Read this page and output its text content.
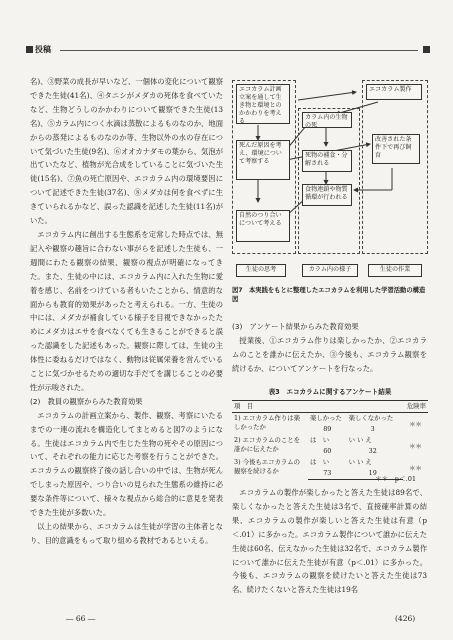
投稿

名)、③野菜の成長が早いなど、一個体の変化について観察できた生徒(41名)、④タニシがメダカの死体を食べていたなど、生物どうしのかかわりについて観察できた生徒(13名)、⑤カラム内につく水滴は蒸散によるものなのか、地面からの蒸発によるものなのか等、生物以外の水の存在について気づいた生徒(9名)、⑥オオカナダモの葉から、気泡が出ていたなど、植物が光合成をしていることに気づいた生徒(15名)、⑦魚の死亡原因や、エコカラム内の環境要因について記述できた生徒(37名)、⑧メダカは何を食べずに生きていられるかなど、誤った認識を記述した生徒(11名)がいた。

エコカラム内に創出する生態系を定常した時点では、無記入や観察の趣旨に合わない事がらを記述した生徒も、一週間にわたる観察の結果、観察の視点が明確になってきた。また、生徒の中には、エコカラム内に入れた生物に愛着を感じ、名前をつけている者もいたことから、情意的な面からも教育的効果があったと考えられる。一方、生徒の中には、メダカが補食している様子を目視できなかったためにメダカはエサを食べなくても生きることができると誤った認識をした記述もあった。観察に際しては、生徒の主体性に委ねるだけではなく、動物は従属栄養を営んでいることに気づかせるための適切な手だてを講じることの必要性が示唆された。

(2)　教員の観察からみた教育効果

エコカラムの計画立案から、製作、観察、考察にいたるまでの一連の流れを構造化してまとめると図7のようになる。生徒はエコカラム内で生じた生物の死やその原因について、それぞれの能力に応じた考察を行うことができた。エコカラムの観察終了後の話し合いの中では、生物が死んでしまった原因や、つり合いの見られた生態系の維持に必要な条件等について、様々な視点から総合的に意見を発表できた生徒が多数いた。

以上の結果から、エコカラムは生徒が学習の主体者となり、目的意識をもって取り組める教材であるといえる。

エコカラム計画立案を通して生き物と環境とのかかわりを考える
エコカラム製作
カラム内の生物の死
死んだ原因を考え、環境について考察する
死物の補食・分解される
改善された条件下で再び飼育
食物連鎖や物質循環が行われる
自然のつり合いについて考える
生徒の思考	カラム内の様子	生徒の作業
図7　本実践をもとに整理したエコカラムを利用した学習活動の構造図

(3)　アンケート結果からみた教育効果

授業後、①エコカラム作りは楽しかったか、②エコカラムのことを誰かに伝えたか、③今後も、エコカラム観察を続けるか、についてアンケートを行なった。

表3　エコカラムに関するアンケート結果
項　目				危険率
1) エコカラム作りは楽しかったか	楽しかった	楽しくなかった		＊＊
	89	3		
2) エコカラムのことを誰かに伝えたか	は　い	い い え		＊＊
	60	32		
3) 今後もエコカラムの観察を続けるか	は　い	い い え		＊＊
	73	19		
＊＊　p＜.01

エコカラムの製作が楽しかったと答えた生徒は89名で、楽しくなかったと答えた生徒は3名で、直接確率計算の結果、エコカラムの製作が楽しいと答えた生徒は有意（p＜.01）に多かった。エコカラム製作について誰かに伝えた生徒は60名、伝えなかった生徒は32名で、エコカラム製作について誰かに伝えた生徒が有意（p＜.01）に多かった。今後も、エコカラムの観察を続けたいと答えた生徒は73名、続けたくないと答えた生徒は19名

― 66 ―	(426)
